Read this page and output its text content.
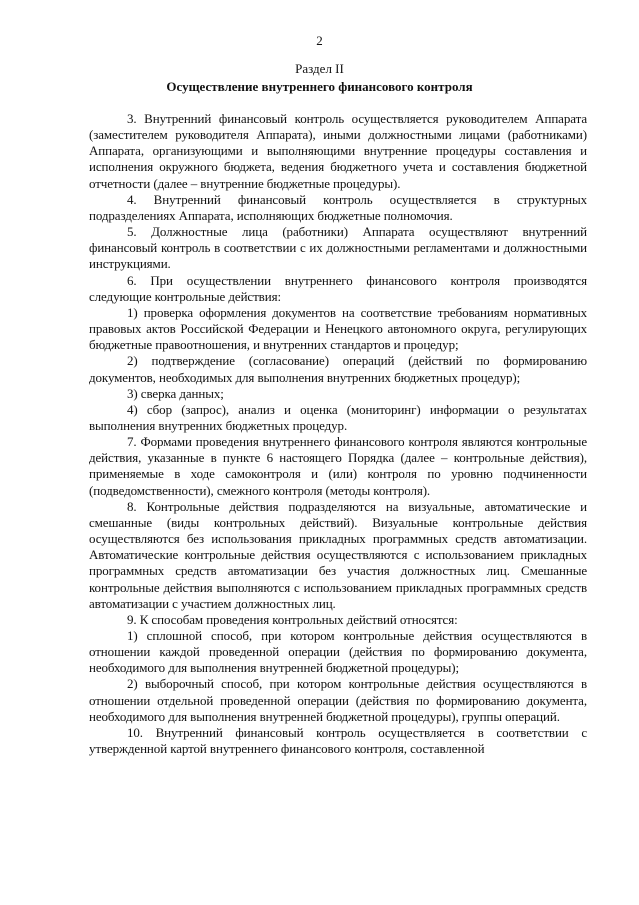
2
Раздел II
Осуществление внутреннего финансового контроля

3. Внутренний финансовый контроль осуществляется руководителем Аппарата (заместителем руководителя Аппарата), иными должностными лицами (работниками) Аппарата, организующими и выполняющими внутренние процедуры составления и исполнения окружного бюджета, ведения бюджетного учета и составления бюджетной отчетности (далее – внутренние бюджетные процедуры).

4. Внутренний финансовый контроль осуществляется в структурных подразделениях Аппарата, исполняющих бюджетные полномочия.

5. Должностные лица (работники) Аппарата осуществляют внутренний финансовый контроль в соответствии с их должностными регламентами и должностными инструкциями.

6. При осуществлении внутреннего финансового контроля производятся следующие контрольные действия:

1) проверка оформления документов на соответствие требованиям нормативных правовых актов Российской Федерации и Ненецкого автономного округа, регулирующих бюджетные правоотношения, и внутренних стандартов и процедур;

2) подтверждение (согласование) операций (действий по формированию документов, необходимых для выполнения внутренних бюджетных процедур);

3) сверка данных;

4) сбор (запрос), анализ и оценка (мониторинг) информации о результатах выполнения внутренних бюджетных процедур.

7. Формами проведения внутреннего финансового контроля являются контрольные действия, указанные в пункте 6 настоящего Порядка (далее – контрольные действия), применяемые в ходе самоконтроля и (или) контроля по уровню подчиненности (подведомственности), смежного контроля (методы контроля).

8. Контрольные действия подразделяются на визуальные, автоматические и смешанные (виды контрольных действий). Визуальные контрольные действия осуществляются без использования прикладных программных средств автоматизации. Автоматические контрольные действия осуществляются с использованием прикладных программных средств автоматизации без участия должностных лиц. Смешанные контрольные действия выполняются с использованием прикладных программных средств автоматизации с участием должностных лиц.

9. К способам проведения контрольных действий относятся:

1) сплошной способ, при котором контрольные действия осуществляются в отношении каждой проведенной операции (действия по формированию документа, необходимого для выполнения внутренней бюджетной процедуры);

2) выборочный способ, при котором контрольные действия осуществляются в отношении отдельной проведенной операции (действия по формированию документа, необходимого для выполнения внутренней бюджетной процедуры), группы операций.

10. Внутренний финансовый контроль осуществляется в соответствии с утвержденной картой внутреннего финансового контроля, составленной
